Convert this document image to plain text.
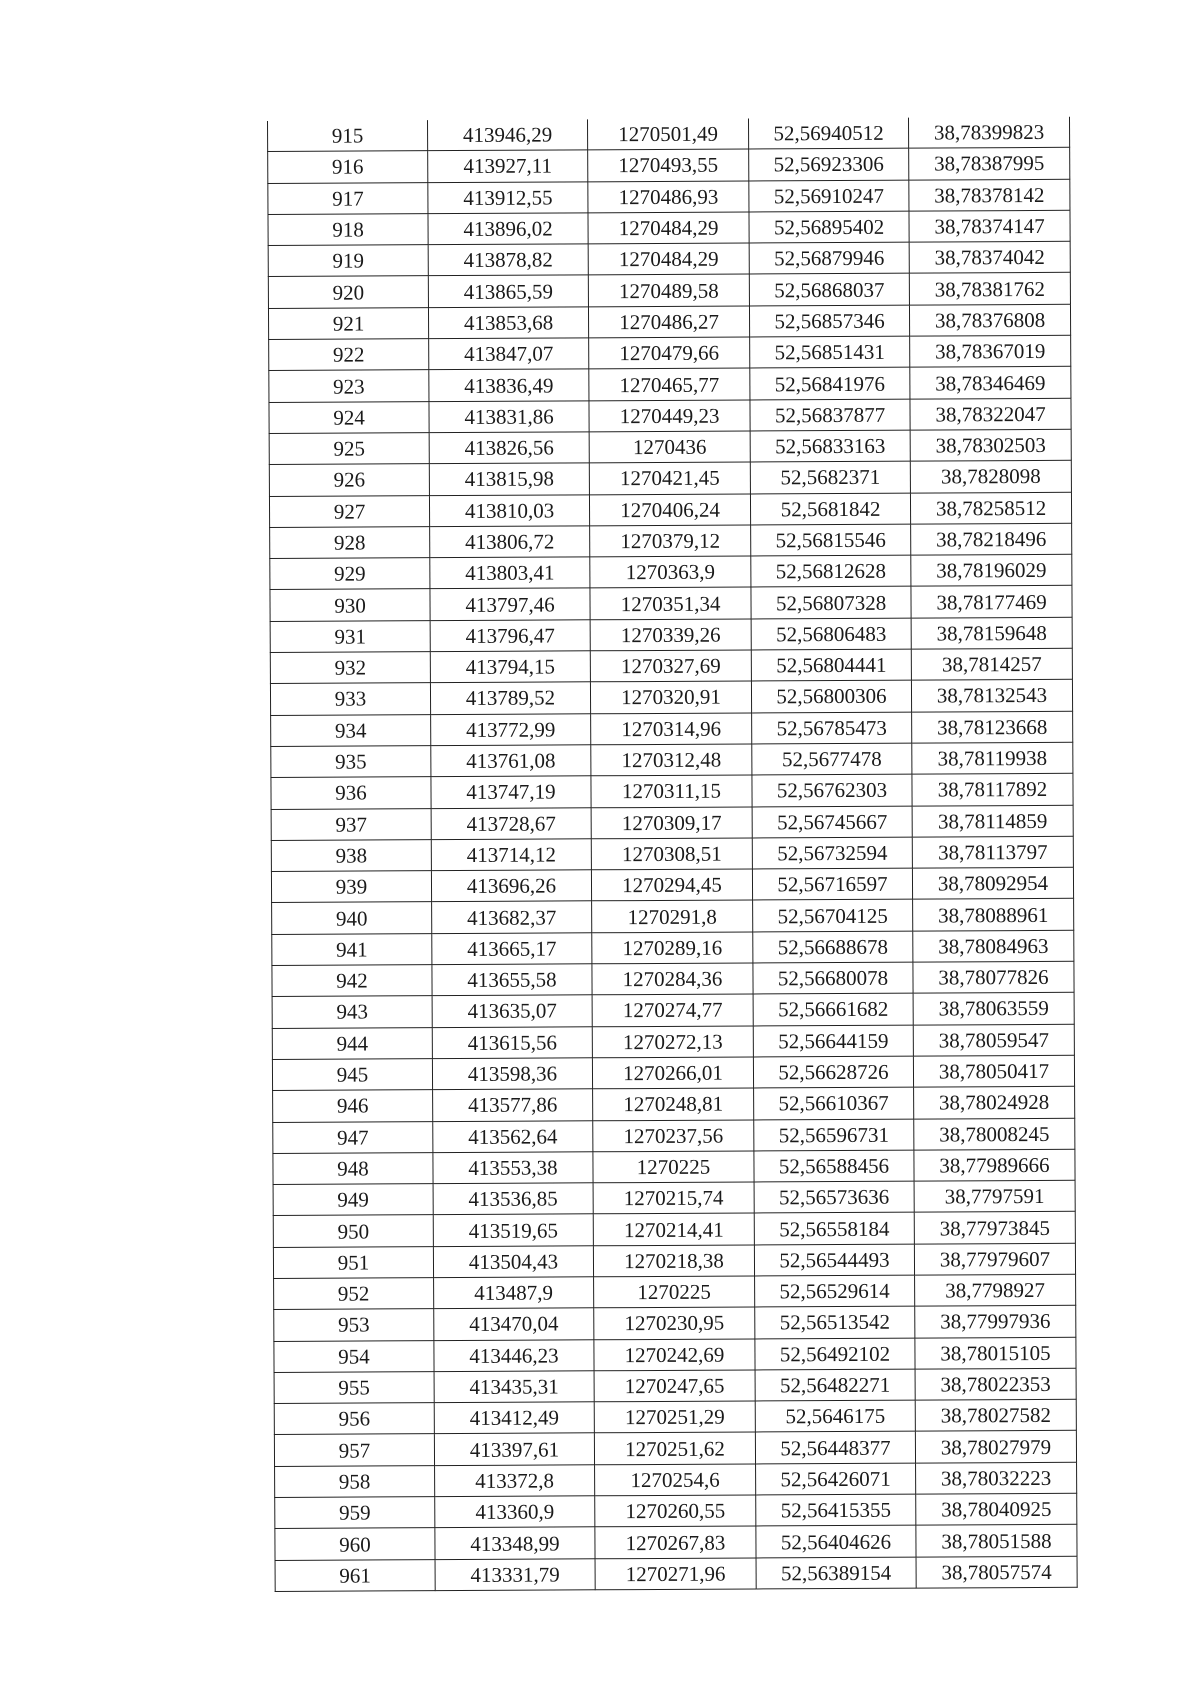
915	413946,29	1270501,49	52,56940512	38,78399823
916	413927,11	1270493,55	52,56923306	38,78387995
917	413912,55	1270486,93	52,56910247	38,78378142
918	413896,02	1270484,29	52,56895402	38,78374147
919	413878,82	1270484,29	52,56879946	38,78374042
920	413865,59	1270489,58	52,56868037	38,78381762
921	413853,68	1270486,27	52,56857346	38,78376808
922	413847,07	1270479,66	52,56851431	38,78367019
923	413836,49	1270465,77	52,56841976	38,78346469
924	413831,86	1270449,23	52,56837877	38,78322047
925	413826,56	1270436	52,56833163	38,78302503
926	413815,98	1270421,45	52,5682371	38,7828098
927	413810,03	1270406,24	52,5681842	38,78258512
928	413806,72	1270379,12	52,56815546	38,78218496
929	413803,41	1270363,9	52,56812628	38,78196029
930	413797,46	1270351,34	52,56807328	38,78177469
931	413796,47	1270339,26	52,56806483	38,78159648
932	413794,15	1270327,69	52,56804441	38,7814257
933	413789,52	1270320,91	52,56800306	38,78132543
934	413772,99	1270314,96	52,56785473	38,78123668
935	413761,08	1270312,48	52,5677478	38,78119938
936	413747,19	1270311,15	52,56762303	38,78117892
937	413728,67	1270309,17	52,56745667	38,78114859
938	413714,12	1270308,51	52,56732594	38,78113797
939	413696,26	1270294,45	52,56716597	38,78092954
940	413682,37	1270291,8	52,56704125	38,78088961
941	413665,17	1270289,16	52,56688678	38,78084963
942	413655,58	1270284,36	52,56680078	38,78077826
943	413635,07	1270274,77	52,56661682	38,78063559
944	413615,56	1270272,13	52,56644159	38,78059547
945	413598,36	1270266,01	52,56628726	38,78050417
946	413577,86	1270248,81	52,56610367	38,78024928
947	413562,64	1270237,56	52,56596731	38,78008245
948	413553,38	1270225	52,56588456	38,77989666
949	413536,85	1270215,74	52,56573636	38,7797591
950	413519,65	1270214,41	52,56558184	38,77973845
951	413504,43	1270218,38	52,56544493	38,77979607
952	413487,9	1270225	52,56529614	38,7798927
953	413470,04	1270230,95	52,56513542	38,77997936
954	413446,23	1270242,69	52,56492102	38,78015105
955	413435,31	1270247,65	52,56482271	38,78022353
956	413412,49	1270251,29	52,5646175	38,78027582
957	413397,61	1270251,62	52,56448377	38,78027979
958	413372,8	1270254,6	52,56426071	38,78032223
959	413360,9	1270260,55	52,56415355	38,78040925
960	413348,99	1270267,83	52,56404626	38,78051588
961	413331,79	1270271,96	52,56389154	38,78057574
